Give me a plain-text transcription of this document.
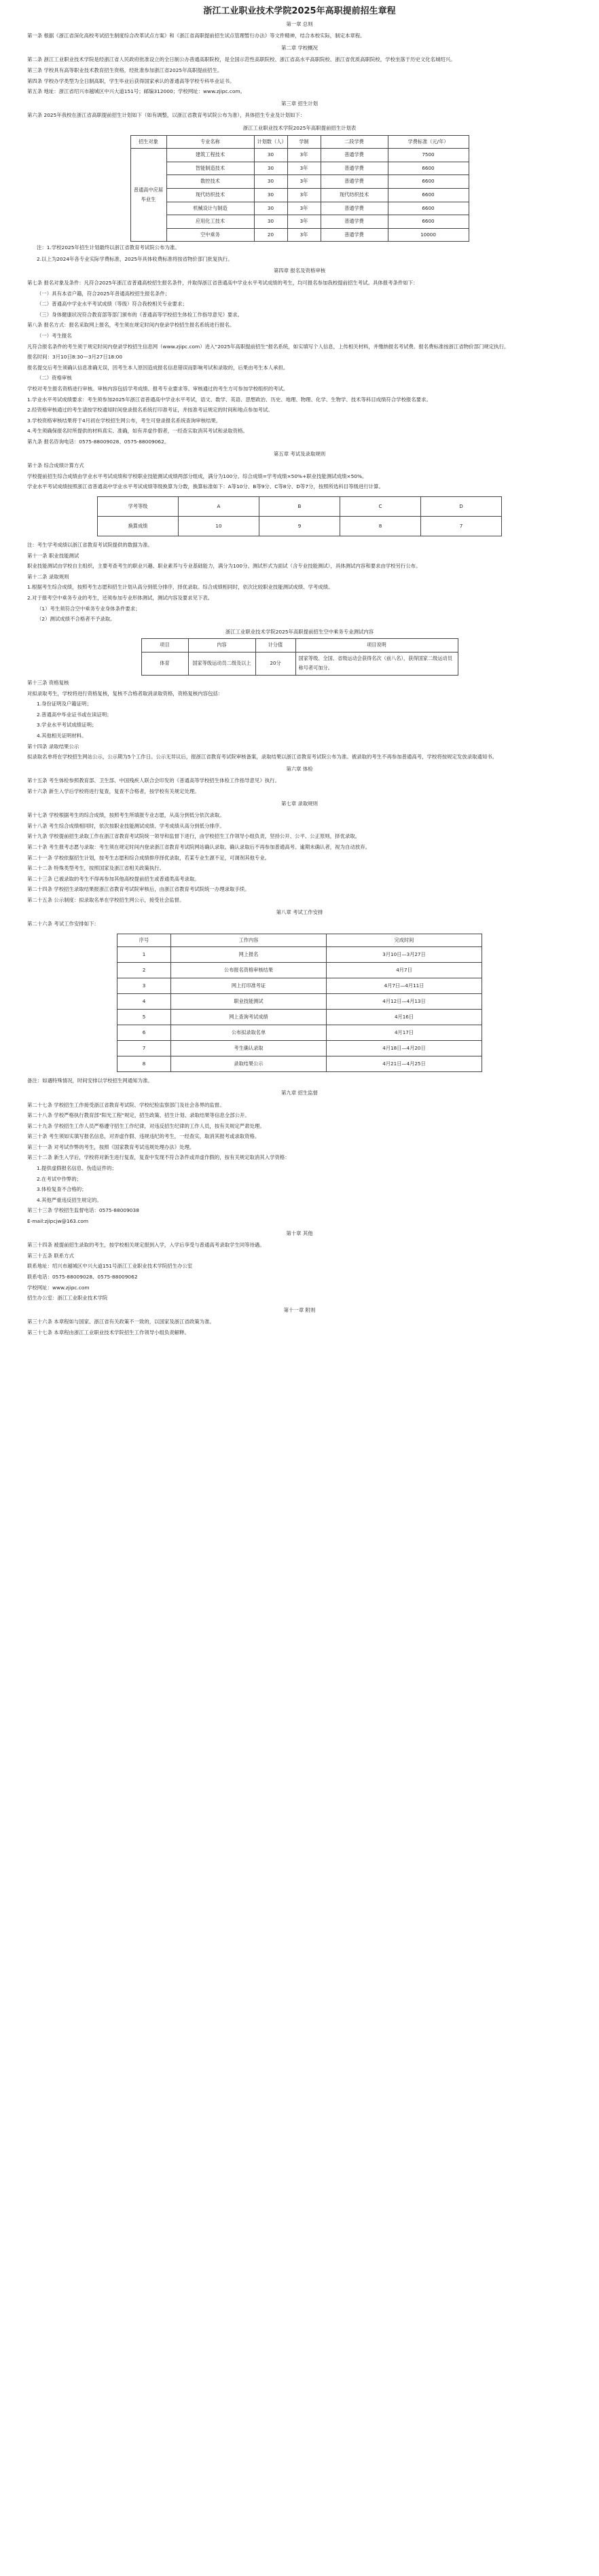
浙江工业职业技术学院2025年高职提前招生章程
第一章 总则
第一条 根据《浙江省深化高校考试招生制度综合改革试点方案》和《浙江省高职提前招生试点管理暂行办法》等文件精神，结合本校实际，制定本章程。
第二章 学校概况
第二条 浙江工业职业技术学院是经浙江省人民政府批准设立的全日制公办普通高职院校，是全国示范性高职院校、浙江省高水平高职院校、浙江省优质高职院校，学校坐落于历史文化名城绍兴。
第三条 学校具有高等职业技术教育招生资格，经批准参加浙江省2025年高职提前招生。
第四条 学校办学类型为全日制高职，学生毕业后获得国家承认的普通高等学校专科毕业证书。
第五条 地址：浙江省绍兴市越城区中兴大道151号；邮编312000；学校网址：www.zjipc.com。
第三章 招生计划
第六条 2025年我校在浙江省高职提前招生计划如下（如有调整，以浙江省教育考试院公布为准），具体招生专业及计划如下：
浙江工业职业技术学院2025年高职提前招生计划表
招生对象	专业名称	计划数（人）	学制	二段学费	学费标准（元/年）
普通高中应届毕业生	建筑工程技术	30	3年	普通学费	7500
	智能制造技术	30	3年	普通学费	6600
	数控技术	30	3年	普通学费	6600
	现代纺织技术	30	3年	现代纺织技术	6600
	机械设计与制造	30	3年	普通学费	6600
	应用化工技术	30	3年	普通学费	6600
	空中乘务	20	3年	普通学费	10000
注：1.学校2025年招生计划最终以浙江省教育考试院公布为准。
2.以上为2024年各专业实际学费标准，2025年具体收费标准将按省物价部门批复执行。
第四章 报名及资格审核
第七条 报名对象及条件：凡符合2025年浙江省普通高校招生报名条件，并取得浙江省普通高中学业水平考试成绩的考生，均可报名参加我校提前招生考试。具体报考条件如下：
（一）具有本省户籍，符合2025年普通高校招生报名条件；
（二）普通高中学业水平考试成绩（等级）符合我校相关专业要求；
（三）身体健康状况符合教育部等部门颁布的《普通高等学校招生体检工作指导意见》要求。
第八条 报名方式：报名采取网上报名，考生须在规定时间内登录学校招生报名系统进行报名。
（一）考生报名
凡符合报名条件的考生须于规定时间内登录学校招生信息网（www.zjipc.com）进入“2025年高职提前招生”报名系统，如实填写个人信息，上传相关材料，并缴纳报名考试费。报名费标准按浙江省物价部门规定执行。
报名时间：3月10日8:30—3月27日18:00
报名提交后考生须确认信息准确无误，因考生本人原因造成报名信息错误而影响考试和录取的，后果由考生本人承担。
（二）资格审核
学校对考生报名资格进行审核。审核内容包括学考成绩、报考专业要求等。审核通过的考生方可参加学校组织的考试。
1.学业水平考试成绩要求：考生须参加2025年浙江省普通高中学业水平考试，语文、数学、英语、思想政治、历史、地理、物理、化学、生物学、技术等科目成绩符合学校报名要求。
2.经资格审核通过的考生请按学校通知时间登录报名系统打印准考证，并按准考证规定的时间和地点参加考试。
3.学校资格审核结果将于4月初在学校招生网公布，考生可登录报名系统查询审核结果。
4.考生须确保报名时所提供的材料真实、准确，如有弄虚作假者，一经查实取消其考试和录取资格。
第九条 报名咨询电话：0575-88009028、0575-88009062。
第五章 考试及录取规则
第十条 综合成绩计算方式
学校提前招生综合成绩由学业水平考试成绩和学校职业技能测试成绩两部分组成，满分为100分。综合成绩=学考成绩×50%+职业技能测试成绩×50%。
学业水平考试成绩按照浙江省普通高中学业水平考试成绩等级换算为分数，换算标准如下：A等10分、B等9分、C等8分、D等7分，按照所选科目等级进行计算。
学考等级	A	B	C	D
换算成绩	10	9	8	7
注：考生学考成绩以浙江省教育考试院提供的数据为准。
第十一条 职业技能测试
职业技能测试由学校自主组织，主要考查考生的职业兴趣、职业素养与专业基础能力，满分为100分。测试形式为面试（含专业技能测试），具体测试内容和要求由学校另行公布。
第十二条 录取规则
1.根据考生综合成绩，按照考生志愿和招生计划从高分到低分排序，择优录取。综合成绩相同时，依次比较职业技能测试成绩、学考成绩。
2.对于报考空中乘务专业的考生，还须参加专业形体测试，测试内容及要求见下表。
（1）考生须符合空中乘务专业身体条件要求；
（2）测试成绩不合格者不予录取。
浙江工业职业技术学院2025年高职提前招生空中乘务专业测试内容
项目	内容	计分值	项目说明
体育	国家等级运动员二级及以上	20分	国家等级、全国、省级运动会获得名次（前八名），获得国家二级运动员称号者可加分。
第十三条 资格复核
对拟录取考生，学校将进行资格复核，复核不合格者取消录取资格，资格复核内容包括：
1.身份证明及户籍证明；
2.普通高中毕业证书或在读证明；
3.学业水平考试成绩证明；
4.其他相关证明材料。
第十四条 录取结果公示
拟录取名单将在学校招生网站公示，公示期为5个工作日。公示无异议后，报浙江省教育考试院审核备案，录取结果以浙江省教育考试院公布为准。被录取的考生不再参加普通高考，学校将按规定发放录取通知书。
第六章 体检
第十五条 考生体检参照教育部、卫生部、中国残疾人联合会印发的《普通高等学校招生体检工作指导意见》执行。
第十六条 新生入学后学校将进行复查，复查不合格者，按学校有关规定处理。
第七章 录取规则
第十七条 学校根据考生的综合成绩，按照考生所填报专业志愿，从高分到低分依次录取。
第十八条 考生综合成绩相同时，依次按职业技能测试成绩、学考成绩从高分到低分排序。
第十九条 学校提前招生录取工作在浙江省教育考试院统一领导和监督下进行，由学校招生工作领导小组负责，坚持公开、公平、公正原则，择优录取。
第二十条 考生报考志愿与录取：考生须在规定时间内登录浙江省教育考试院网站确认录取。确认录取后不再参加普通高考。逾期未确认者，视为自动放弃。
第二十一条 学校依据招生计划，按考生志愿和综合成绩排序择优录取，若某专业生源不足，可调剂其他专业。
第二十二条 特殊类型考生，按照国家及浙江省相关政策执行。
第二十三条 已被录取的考生不得再参加其他高校提前招生或普通类高考录取。
第二十四条 学校招生录取结果报浙江省教育考试院审核后，由浙江省教育考试院统一办理录取手续。
第二十五条 公示制度：拟录取名单在学校招生网公示，接受社会监督。
第八章 考试工作安排
第二十六条 考试工作安排如下：
序号	工作内容	完成时间
1	网上报名	3月10日—3月27日
2	公布报名资格审核结果	4月7日
3	网上打印准考证	4月7日—4月11日
4	职业技能测试	4月12日—4月13日
5	网上查询考试成绩	4月16日
6	公布拟录取名单	4月17日
7	考生确认录取	4月18日—4月20日
8	录取结果公示	4月21日—4月25日
备注：如遇特殊情况，时间安排以学校招生网通知为准。
第九章 招生监督
第二十七条 学校招生工作接受浙江省教育考试院、学校纪检监察部门及社会各界的监督。
第二十八条 学校严格执行教育部“阳光工程”规定，招生政策、招生计划、录取结果等信息全部公开。
第二十九条 学校招生工作人员严格遵守招生工作纪律，对违反招生纪律的工作人员，按有关规定严肃处理。
第三十条 考生须如实填写报名信息，对弄虚作假、违规违纪的考生，一经查实，取消其报考或录取资格。
第三十一条 对考试作弊的考生，按照《国家教育考试违规处理办法》处理。
第三十二条 新生入学后，学校将对新生进行复查，复查中发现不符合条件或弄虚作假的，按有关规定取消其入学资格：
1.提供虚假报名信息、伪造证件的；
2.在考试中作弊的；
3.体检复查不合格的；
4.其他严重违反招生规定的。
第三十三条 学校招生监督电话：0575-88009038
E-mail:zjipcjw@163.com
第十章 其他
第三十四条 被提前招生录取的考生，按学校相关规定报到入学，入学后享受与普通高考录取学生同等待遇。
第三十五条 联系方式
联系地址：绍兴市越城区中兴大道151号浙江工业职业技术学院招生办公室
联系电话：0575-88009028、0575-88009062
学校网址：www.zjipc.com
招生办公室：浙江工业职业技术学院
第十一章 附则
第三十六条 本章程如与国家、浙江省有关政策不一致的，以国家及浙江省政策为准。
第三十七条 本章程由浙江工业职业技术学院招生工作领导小组负责解释。
